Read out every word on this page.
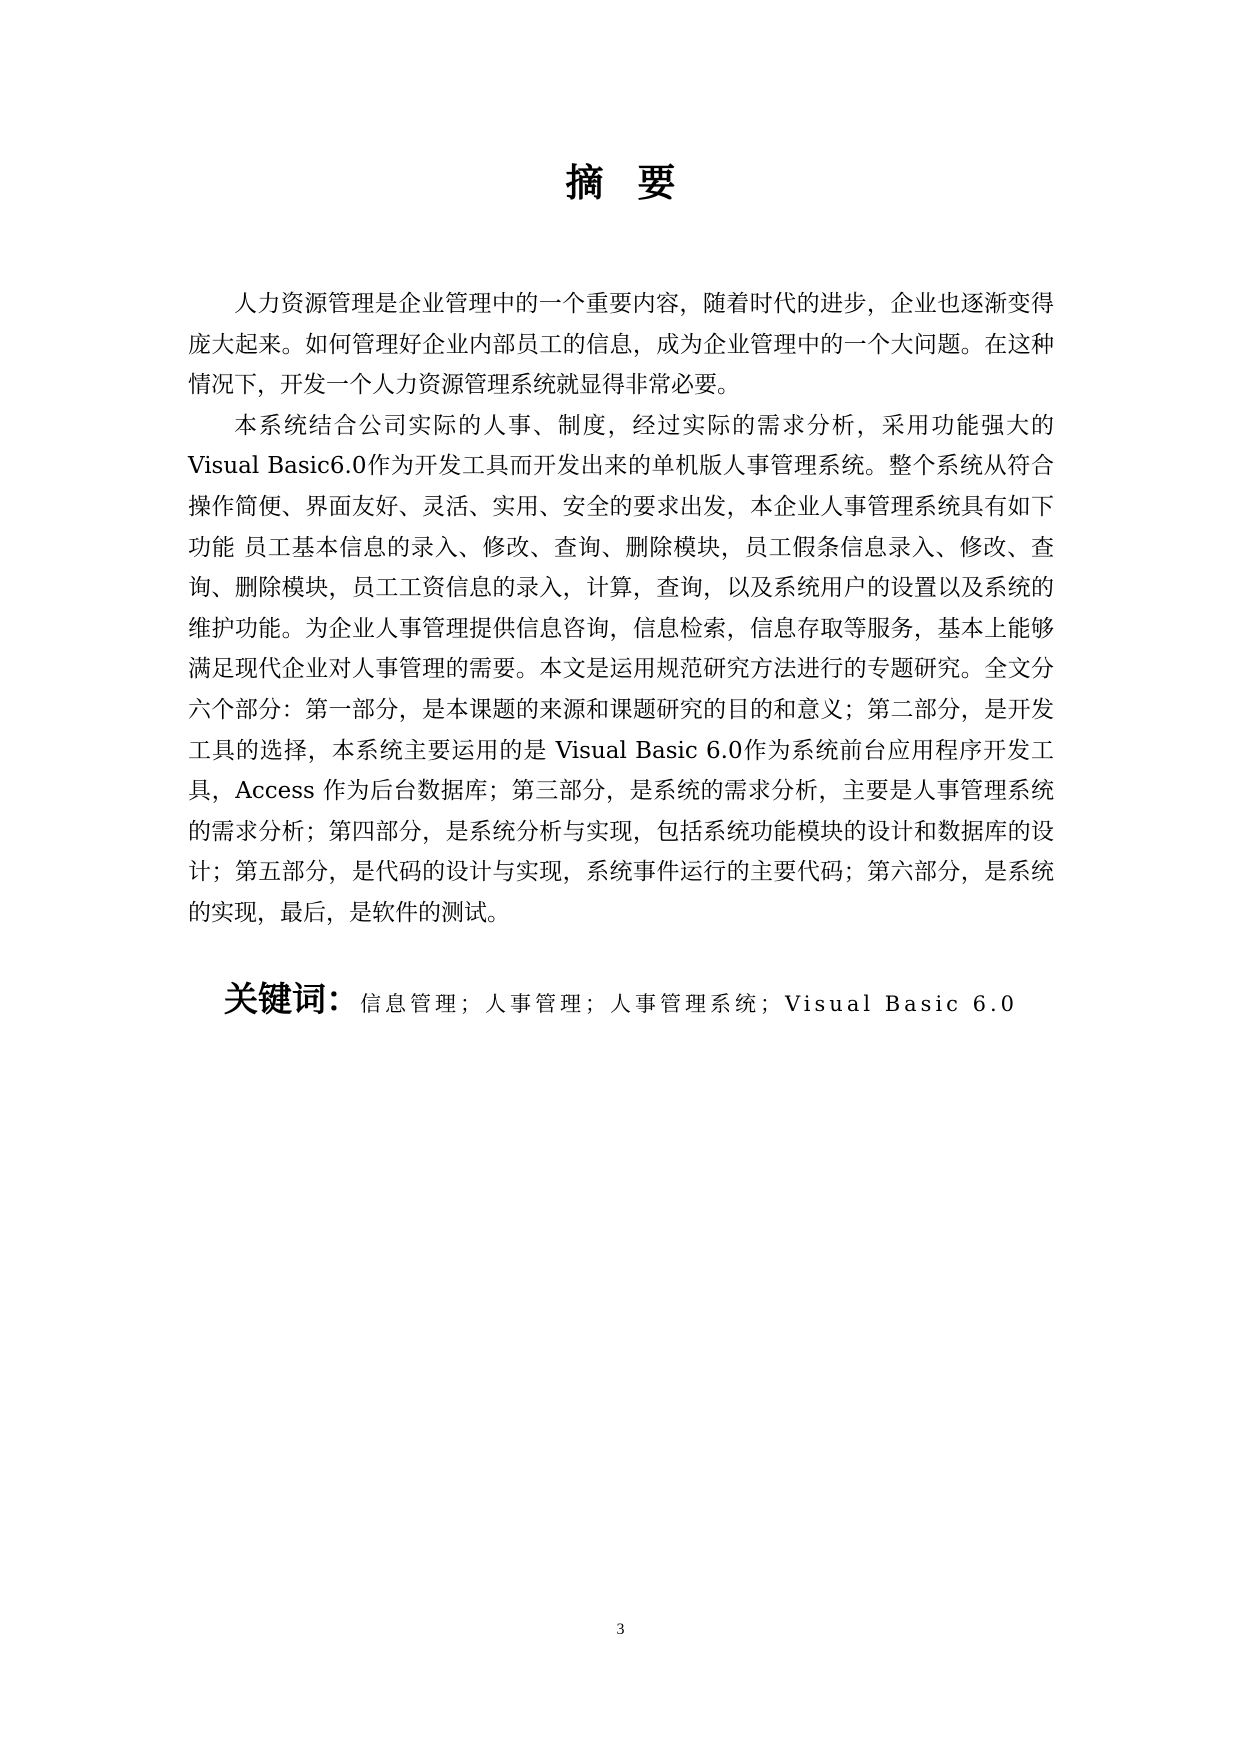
摘要

人力资源管理是企业管理中的一个重要内容，随着时代的进步，企业也逐渐变得庞大起来。如何管理好企业内部员工的信息，成为企业管理中的一个大问题。在这种情况下，开发一个人力资源管理系统就显得非常必要。

本系统结合公司实际的人事、制度，经过实际的需求分析，采用功能强大的Visual Basic6.0作为开发工具而开发出来的单机版人事管理系统。整个系统从符合操作简便、界面友好、灵活、实用、安全的要求出发，本企业人事管理系统具有如下功能 员工基本信息的录入、修改、查询、删除模块，员工假条信息录入、修改、查询、删除模块，员工工资信息的录入，计算，查询，以及系统用户的设置以及系统的维护功能。为企业人事管理提供信息咨询，信息检索，信息存取等服务，基本上能够满足现代企业对人事管理的需要。本文是运用规范研究方法进行的专题研究。全文分六个部分：第一部分，是本课题的来源和课题研究的目的和意义；第二部分，是开发工具的选择，本系统主要运用的是 Visual Basic 6.0作为系统前台应用程序开发工具，Access 作为后台数据库；第三部分，是系统的需求分析，主要是人事管理系统的需求分析；第四部分，是系统分析与实现，包括系统功能模块的设计和数据库的设计；第五部分，是代码的设计与实现，系统事件运行的主要代码；第六部分，是系统的实现，最后，是软件的测试。

关键词：信息管理；人事管理；人事管理系统；Visual Basic 6.0
3
